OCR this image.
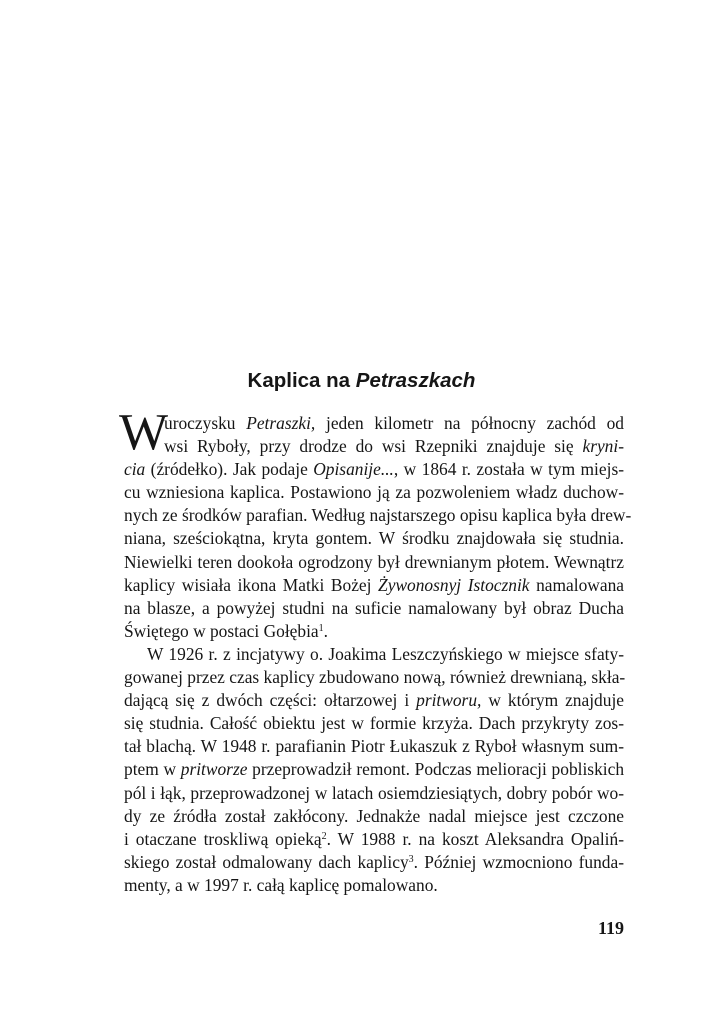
Kaplica na Petraszkach
W
uroczysku Petraszki, jeden kilometr na północny zachód od
wsi Ryboły, przy drodze do wsi Rzepniki znajduje się kryni-
cia (źródełko). Jak podaje Opisanije..., w 1864 r. została w tym miejs-
cu wzniesiona kaplica. Postawiono ją za pozwoleniem władz duchow-
nych ze środków parafian. Według najstarszego opisu kaplica była drew-
niana, sześciokątna, kryta gontem. W środku znajdowała się studnia.
Niewielki teren dookoła ogrodzony był drewnianym płotem. Wewnątrz
kaplicy wisiała ikona Matki Bożej Żywonosnyj Istocznik namalowana
na blasze, a powyżej studni na suficie namalowany był obraz Ducha
Świętego w postaci Gołębia$^1$.
W 1926 r. z incjatywy o. Joakima Leszczyńskiego w miejsce sfaty-
gowanej przez czas kaplicy zbudowano nową, również drewnianą, skła-
dającą się z dwóch części: ołtarzowej i pritworu, w którym znajduje
się studnia. Całość obiektu jest w formie krzyża. Dach przykryty zos-
tał blachą. W 1948 r. parafianin Piotr Łukaszuk z Ryboł własnym sum-
ptem w pritworze przeprowadził remont. Podczas melioracji pobliskich
pól i łąk, przeprowadzonej w latach osiemdziesiątych, dobry pobór wo-
dy ze źródła został zakłócony. Jednakże nadal miejsce jest czczone
i otaczane troskliwą opieką$^2$. W 1988 r. na koszt Aleksandra Opaliń-
skiego został odmalowany dach kaplicy$^3$. Później wzmocniono funda-
menty, a w 1997 r. całą kaplicę pomalowano.
119
